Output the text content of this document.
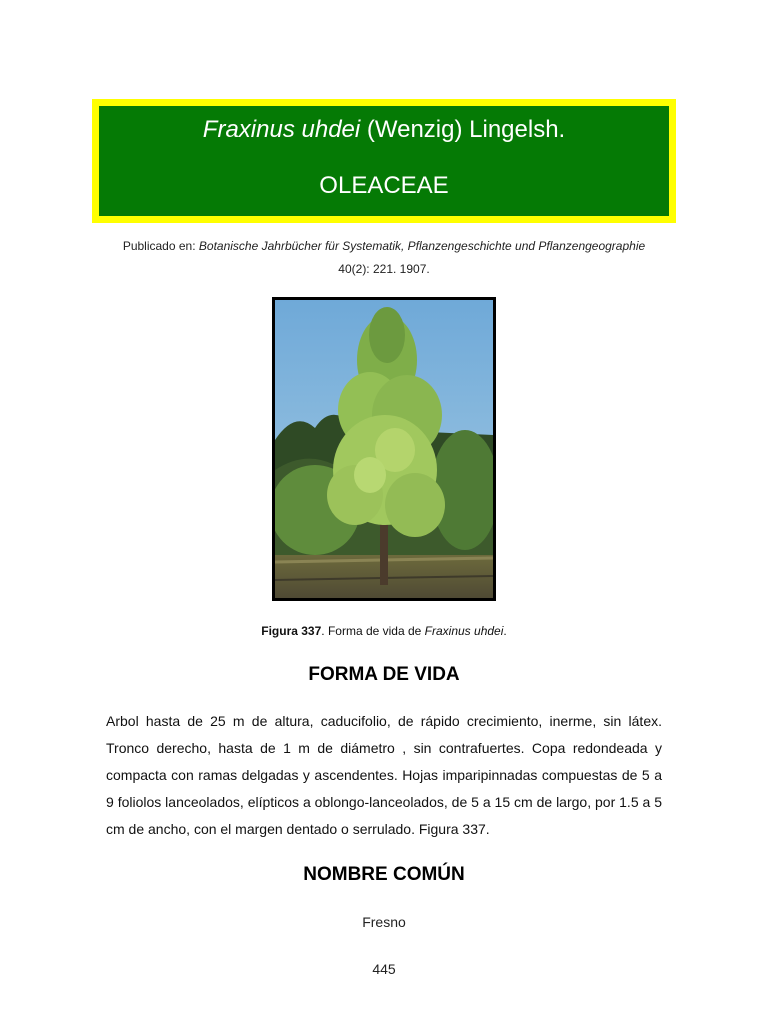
Fraxinus uhdei (Wenzig) Lingelsh.
OLEACEAE
Publicado en: Botanische Jahrbücher für Systematik, Pflanzengeschichte und Pflanzengeographie
40(2): 221. 1907.
Figura 337. Forma de vida de Fraxinus uhdei.
FORMA DE VIDA
Arbol hasta de 25 m de altura, caducifolio, de rápido crecimiento, inerme, sin látex. Tronco derecho, hasta de 1 m de diámetro , sin contrafuertes. Copa redondeada y compacta con ramas delgadas y ascendentes. Hojas imparipinnadas compuestas de 5 a 9 foliolos lanceolados, elípticos a oblongo-lanceolados, de 5 a 15 cm de largo, por 1.5 a 5 cm de ancho, con el margen dentado o serrulado. Figura 337.
NOMBRE COMÚN
Fresno
445
